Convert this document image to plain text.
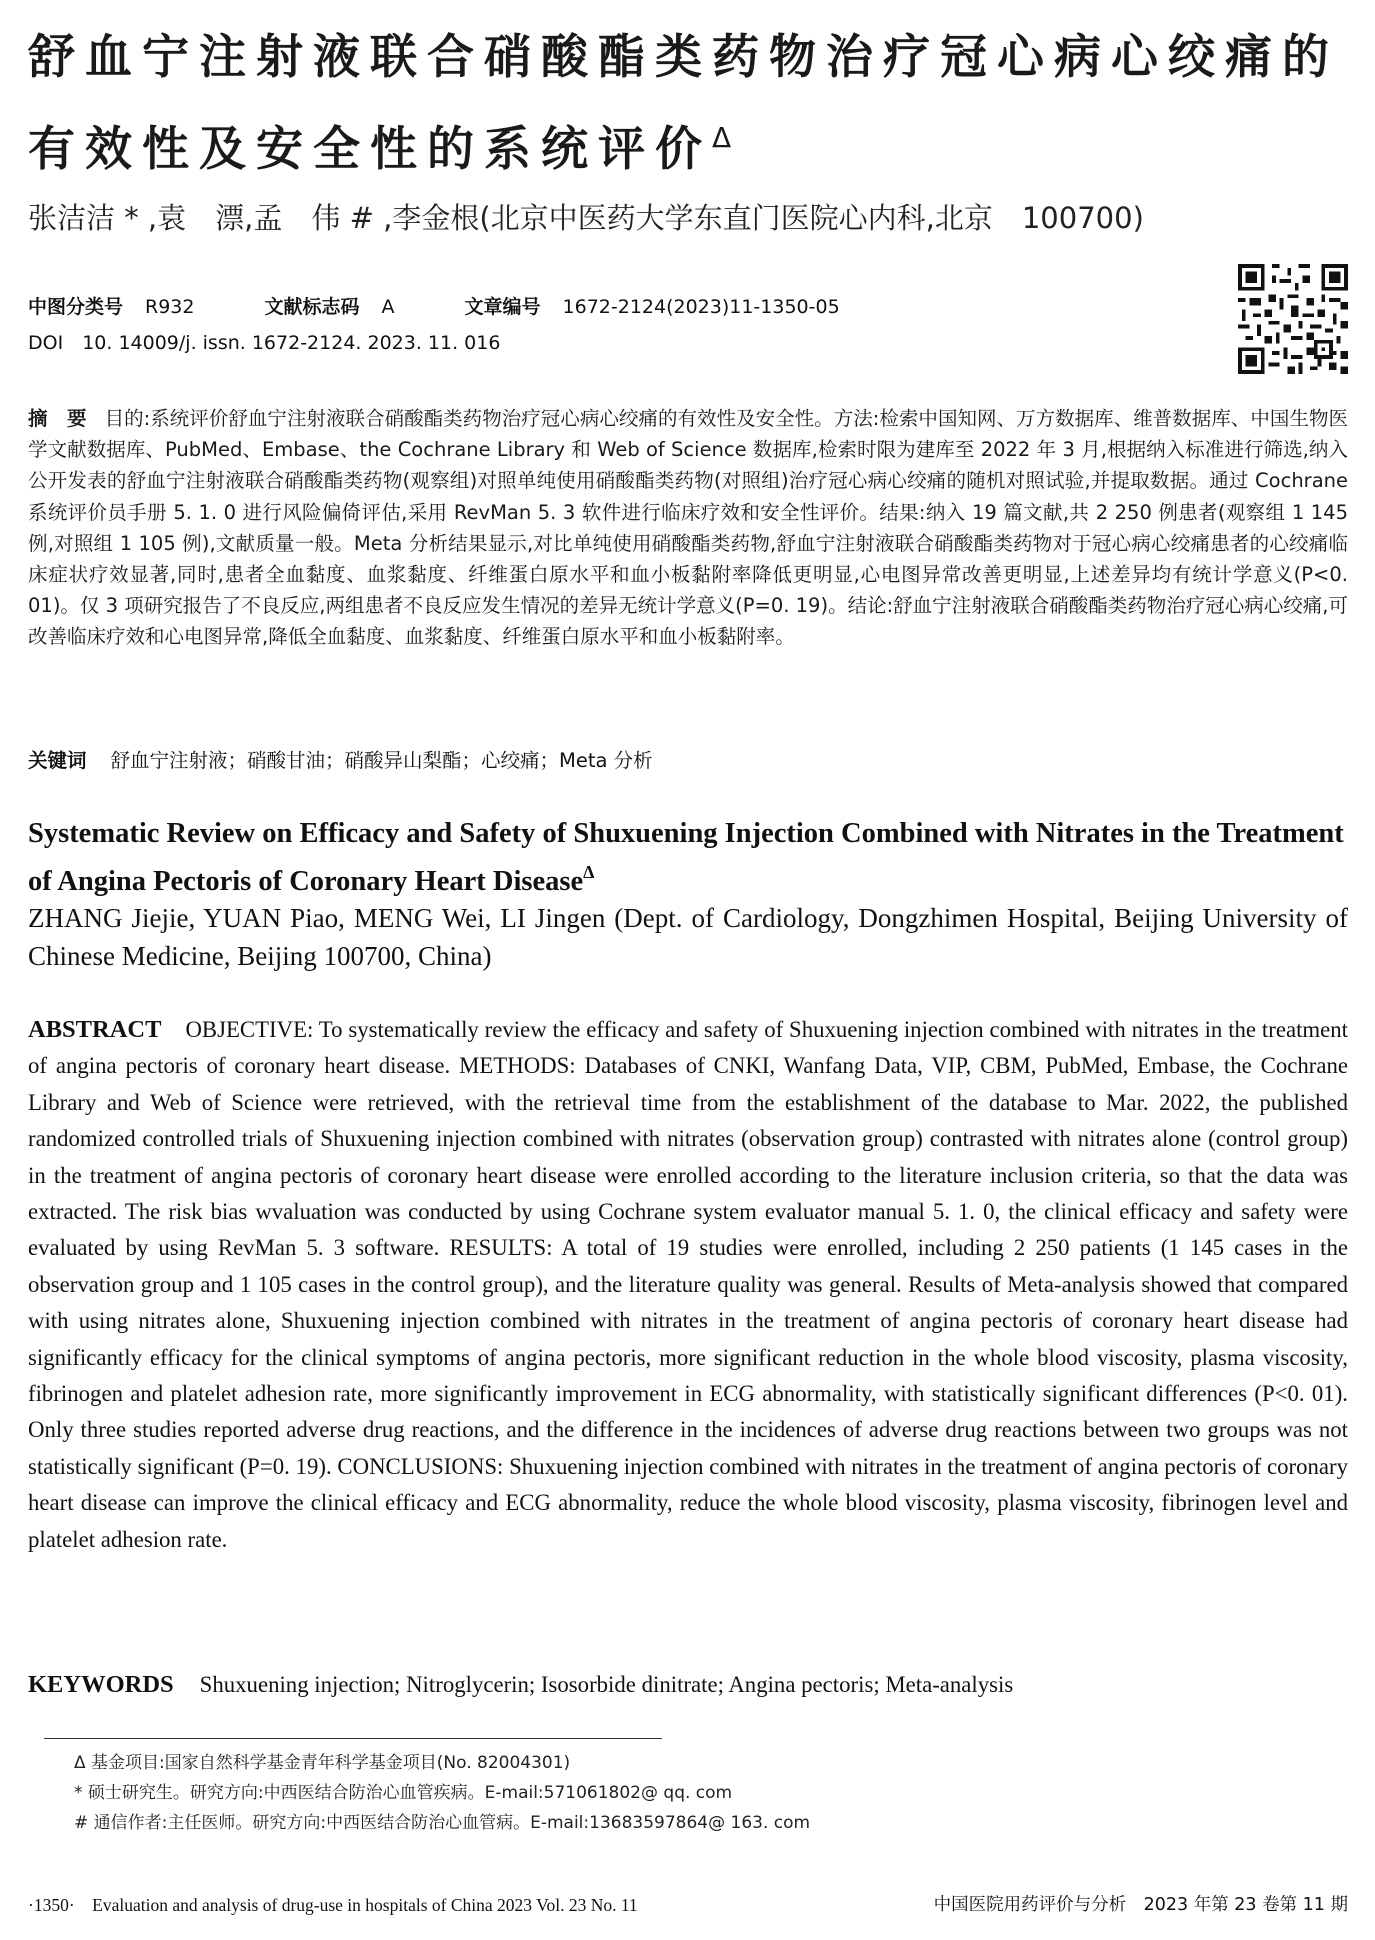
舒血宁注射液联合硝酸酯类药物治疗冠心病心绞痛的有效性及安全性的系统评价$^\Delta$
张洁洁 * ,袁　漂,孟　伟 # ,李金根(北京中医药大学东直门医院心内科,北京　100700)
中图分类号 R932	文献标志码 A	文章编号 1672-2124(2023)11-1350-05
DOI　10. 14009/j. issn. 1672-2124. 2023. 11. 016
摘　要 目的:系统评价舒血宁注射液联合硝酸酯类药物治疗冠心病心绞痛的有效性及安全性。方法:检索中国知网、万方数据库、维普数据库、中国生物医学文献数据库、PubMed、Embase、the Cochrane Library 和 Web of Science 数据库,检索时限为建库至 2022 年 3 月,根据纳入标准进行筛选,纳入公开发表的舒血宁注射液联合硝酸酯类药物(观察组)对照单纯使用硝酸酯类药物(对照组)治疗冠心病心绞痛的随机对照试验,并提取数据。通过 Cochrane 系统评价员手册 5. 1. 0 进行风险偏倚评估,采用 RevMan 5. 3 软件进行临床疗效和安全性评价。结果:纳入 19 篇文献,共 2 250 例患者(观察组 1 145 例,对照组 1 105 例),文献质量一般。Meta 分析结果显示,对比单纯使用硝酸酯类药物,舒血宁注射液联合硝酸酯类药物对于冠心病心绞痛患者的心绞痛临床症状疗效显著,同时,患者全血黏度、血浆黏度、纤维蛋白原水平和血小板黏附率降低更明显,心电图异常改善更明显,上述差异均有统计学意义(P<0. 01)。仅 3 项研究报告了不良反应,两组患者不良反应发生情况的差异无统计学意义(P=0. 19)。结论:舒血宁注射液联合硝酸酯类药物治疗冠心病心绞痛,可改善临床疗效和心电图异常,降低全血黏度、血浆黏度、纤维蛋白原水平和血小板黏附率。
关键词 舒血宁注射液；硝酸甘油；硝酸异山梨酯；心绞痛；Meta 分析
Systematic Review on Efficacy and Safety of Shuxuening Injection Combined with Nitrates in the Treatment of Angina Pectoris of Coronary Heart Disease$^\Delta$
ZHANG Jiejie, YUAN Piao, MENG Wei, LI Jingen (Dept. of Cardiology, Dongzhimen Hospital, Beijing University of Chinese Medicine, Beijing 100700, China)
ABSTRACT OBJECTIVE: To systematically review the efficacy and safety of Shuxuening injection combined with nitrates in the treatment of angina pectoris of coronary heart disease. METHODS: Databases of CNKI, Wanfang Data, VIP, CBM, PubMed, Embase, the Cochrane Library and Web of Science were retrieved, with the retrieval time from the establishment of the database to Mar. 2022, the published randomized controlled trials of Shuxuening injection combined with nitrates (observation group) contrasted with nitrates alone (control group) in the treatment of angina pectoris of coronary heart disease were enrolled according to the literature inclusion criteria, so that the data was extracted. The risk bias wvaluation was conducted by using Cochrane system evaluator manual 5. 1. 0, the clinical efficacy and safety were evaluated by using RevMan 5. 3 software. RESULTS: A total of 19 studies were enrolled, including 2 250 patients (1 145 cases in the observation group and 1 105 cases in the control group), and the literature quality was general. Results of Meta-analysis showed that compared with using nitrates alone, Shuxuening injection combined with nitrates in the treatment of angina pectoris of coronary heart disease had significantly efficacy for the clinical symptoms of angina pectoris, more significant reduction in the whole blood viscosity, plasma viscosity, fibrinogen and platelet adhesion rate, more significantly improvement in ECG abnormality, with statistically significant differences (P<0. 01). Only three studies reported adverse drug reactions, and the difference in the incidences of adverse drug reactions between two groups was not statistically significant (P=0. 19). CONCLUSIONS: Shuxuening injection combined with nitrates in the treatment of angina pectoris of coronary heart disease can improve the clinical efficacy and ECG abnormality, reduce the whole blood viscosity, plasma viscosity, fibrinogen level and platelet adhesion rate.
KEYWORDS Shuxuening injection; Nitroglycerin; Isosorbide dinitrate; Angina pectoris; Meta-analysis
Δ 基金项目:国家自然科学基金青年科学基金项目(No. 82004301)
* 硕士研究生。研究方向:中西医结合防治心血管疾病。E-mail:571061802@ qq. com
# 通信作者:主任医师。研究方向:中西医结合防治心血管病。E-mail:13683597864@ 163. com
·1350·　Evaluation and analysis of drug-use in hospitals of China 2023 Vol. 23 No. 11	中国医院用药评价与分析　2023 年第 23 卷第 11 期
